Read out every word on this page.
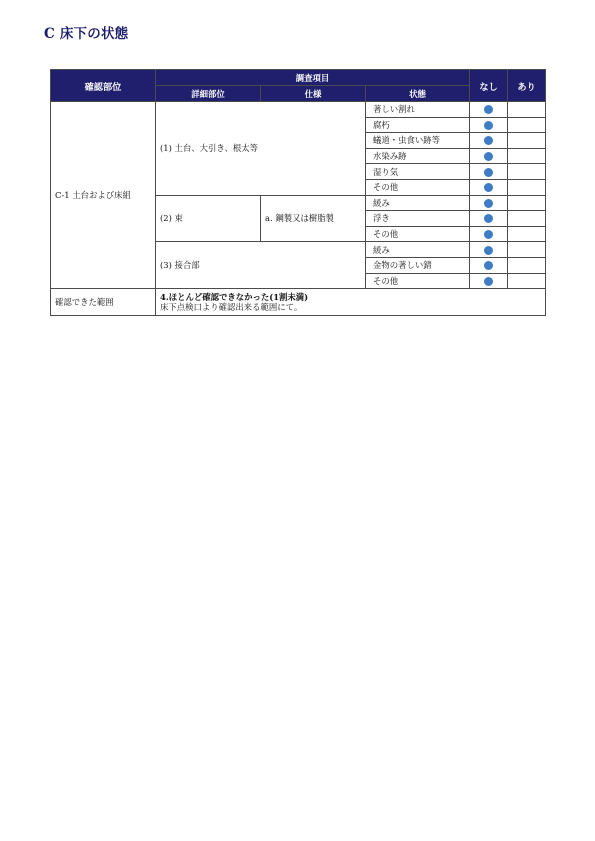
C 床下の状態
確認部位	調査項目			なし	あり
	詳細部位	仕様	状態		
C-1 土台および床組	(1) 土台、大引き、根太等		著しい割れ		
			腐朽		
			蟻道・虫食い跡等		
			水染み跡		
			湿り気		
			その他		
	(2) 束	a. 鋼製又は樹脂製	緩み		
			浮き		
			その他		
	(3) 接合部		緩み		
			金物の著しい錆		
			その他		
確認できた範囲	4.ほとんど確認できなかった(1割未満)
床下点検口より確認出来る範囲にて。				
